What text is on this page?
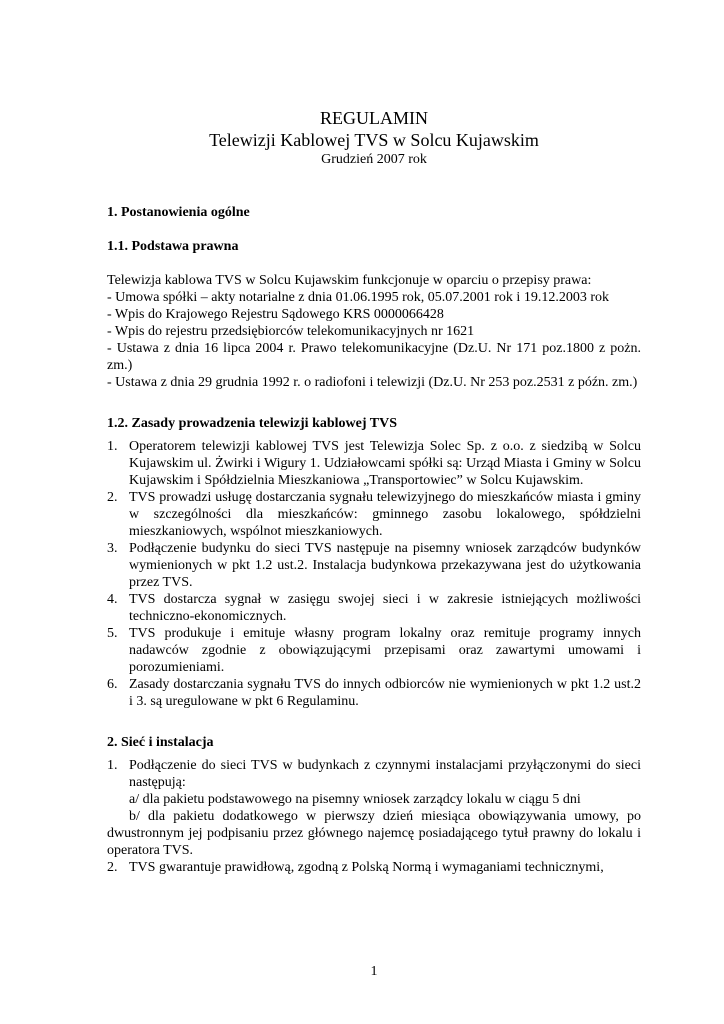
REGULAMIN
Telewizji Kablowej TVS w Solcu Kujawskim
Grudzień 2007 rok

1. Postanowienia ogólne

1.1. Podstawa prawna

Telewizja kablowa TVS w Solcu Kujawskim funkcjonuje w oparciu o przepisy prawa:

- Umowa spółki – akty notarialne z dnia 01.06.1995 rok, 05.07.2001 rok i 19.12.2003 rok

- Wpis do Krajowego Rejestru Sądowego KRS 0000066428

- Wpis do rejestru przedsiębiorców telekomunikacyjnych nr 1621

- Ustawa z dnia 16 lipca 2004 r. Prawo telekomunikacyjne (Dz.U. Nr 171 poz.1800 z pożn. zm.)

- Ustawa z dnia 29 grudnia 1992 r. o radiofoni i telewizji (Dz.U. Nr 253 poz.2531 z późn. zm.)

1.2. Zasady prowadzenia telewizji kablowej TVS

1. Operatorem telewizji kablowej TVS jest Telewizja Solec Sp. z o.o. z siedzibą w Solcu Kujawskim ul. Żwirki i Wigury 1. Udziałowcami spółki są: Urząd Miasta i Gminy w Solcu Kujawskim i Spółdzielnia Mieszkaniowa „Transportowiec” w Solcu Kujawskim.
2. TVS prowadzi usługę dostarczania sygnału telewizyjnego do mieszkańców miasta i gminy w szczególności dla mieszkańców: gminnego zasobu lokalowego, spółdzielni mieszkaniowych, wspólnot mieszkaniowych.
3. Podłączenie budynku do sieci TVS następuje na pisemny wniosek zarządców budynków wymienionych w pkt 1.2 ust.2. Instalacja budynkowa przekazywana jest do użytkowania przez TVS.
4. TVS dostarcza sygnał w zasięgu swojej sieci i w zakresie istniejących możliwości techniczno-ekonomicznych.
5. TVS produkuje i emituje własny program lokalny oraz remituje programy innych nadawców zgodnie z obowiązującymi przepisami oraz zawartymi umowami i porozumieniami.
6. Zasady dostarczania sygnału TVS do innych odbiorców nie wymienionych w pkt 1.2 ust.2 i 3. są uregulowane w pkt 6 Regulaminu.

2. Sieć i instalacja

1. Podłączenie do sieci TVS w budynkach z czynnymi instalacjami przyłączonymi do sieci następują:

a/ dla pakietu podstawowego na pisemny wniosek zarządcy lokalu w ciągu 5 dni

b/ dla pakietu dodatkowego w pierwszy dzień miesiąca obowiązywania umowy, po dwustronnym jej podpisaniu przez głównego najemcę posiadającego tytuł prawny do lokalu i operatora TVS.

2. TVS gwarantuje prawidłową, zgodną z Polską Normą i wymaganiami technicznymi,
1
